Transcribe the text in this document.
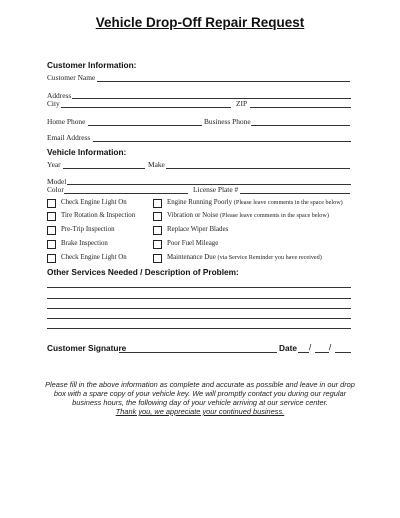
Vehicle Drop-Off Repair Request
Customer Information:
Customer Name
Address
City	ZIP
Home Phone	Business Phone
Email Address
Vehicle Information:
Year	Make
Model
Color	License Plate #
Check Engine Light On
Tire Rotation & Inspection
Pre-Trip Inspection
Brake Inspection
Check Engine Light On
Engine Running Poorly (Please leave comments in the space below)
Vibration or Noise (Please leave comments in the space below)
Replace Wiper Blades
Poor Fuel Mileage
Maintenance Due (via Service Reminder you have received)
Other Services Needed / Description of Problem:
Customer Signature	Date / /
Please fill in the above information as complete and accurate as possible and leave in our drop
box with a spare copy of your vehicle key. We will promptly contact you during our regular
business hours, the following day of your vehicle arriving at our service center.
Thank you, we appreciate your continued business.
